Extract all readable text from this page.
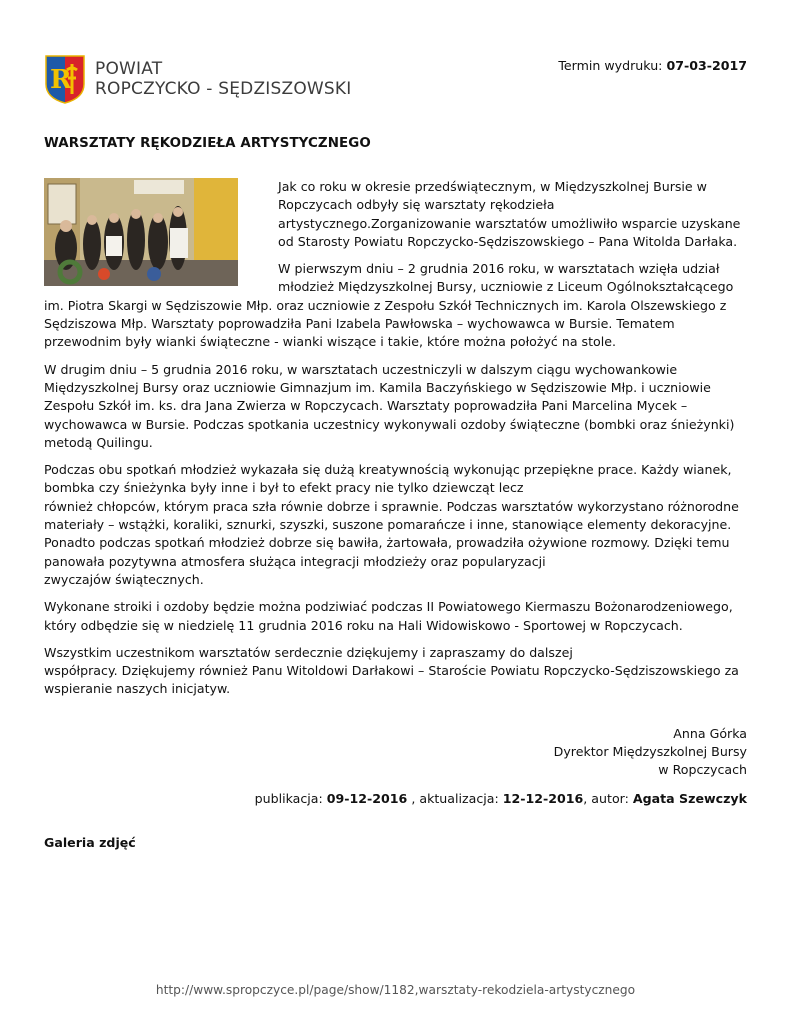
R POWIAT
ROPCZYCKO - SĘDZISZOWSKI
Termin wydruku: 07-03-2017
WARSZTATY RĘKODZIEŁA ARTYSTYCZNEGO

Jak co roku w okresie przedświątecznym, w Międzyszkolnej Bursie w Ropczycach odbyły się warsztaty rękodzieła artystycznego.Zorganizowanie warsztatów umożliwiło wsparcie uzyskane od Starosty Powiatu Ropczycko-Sędziszowskiego – Pana Witolda Darłaka.

W pierwszym dniu – 2 grudnia 2016 roku, w warsztatach wzięła udział młodzież Międzyszkolnej Bursy, uczniowie z Liceum Ogólnokształcącego im. Piotra Skargi w Sędziszowie Młp. oraz uczniowie z Zespołu Szkół Technicznych im. Karola Olszewskiego z Sędziszowa Młp. Warsztaty poprowadziła Pani Izabela Pawłowska – wychowawca w Bursie. Tematem przewodnim były wianki świąteczne - wianki wiszące i takie, które można położyć na stole.

W drugim dniu – 5 grudnia 2016 roku, w warsztatach uczestniczyli w dalszym ciągu wychowankowie Międzyszkolnej Bursy oraz uczniowie Gimnazjum im. Kamila Baczyńskiego w Sędziszowie Młp. i uczniowie Zespołu Szkół im. ks. dra Jana Zwierza w Ropczycach. Warsztaty poprowadziła Pani Marcelina Mycek – wychowawca w Bursie. Podczas spotkania uczestnicy wykonywali ozdoby świąteczne (bombki oraz śnieżynki) metodą Quilingu.

Podczas obu spotkań młodzież wykazała się dużą kreatywnością wykonując przepiękne prace. Każdy wianek, bombka czy śnieżynka były inne i był to efekt pracy nie tylko dziewcząt lecz
również chłopców, którym praca szła równie dobrze i sprawnie. Podczas warsztatów wykorzystano różnorodne materiały – wstążki, koraliki, sznurki, szyszki, suszone pomarańcze i inne, stanowiące elementy dekoracyjne. Ponadto podczas spotkań młodzież dobrze się bawiła, żartowała, prowadziła ożywione rozmowy. Dzięki temu panowała pozytywna atmosfera służąca integracji młodzieży oraz popularyzacji
zwyczajów świątecznych.

Wykonane stroiki i ozdoby będzie można podziwiać podczas II Powiatowego Kiermaszu Bożonarodzeniowego, który odbędzie się w niedzielę 11 grudnia 2016 roku na Hali Widowiskowo - Sportowej w Ropczycach.

Wszystkim uczestnikom warsztatów serdecznie dziękujemy i zapraszamy do dalszej
współpracy. Dziękujemy również Panu Witoldowi Darłakowi – Staroście Powiatu Ropczycko-Sędziszowskiego za wspieranie naszych inicjatyw.

Anna Górka
Dyrektor Międzyszkolnej Bursy
w Ropczycach
publikacja: 09-12-2016 , aktualizacja: 12-12-2016, autor: Agata Szewczyk
Galeria zdjęć
http://www.spropczyce.pl/page/show/1182,warsztaty-rekodziela-artystycznego
